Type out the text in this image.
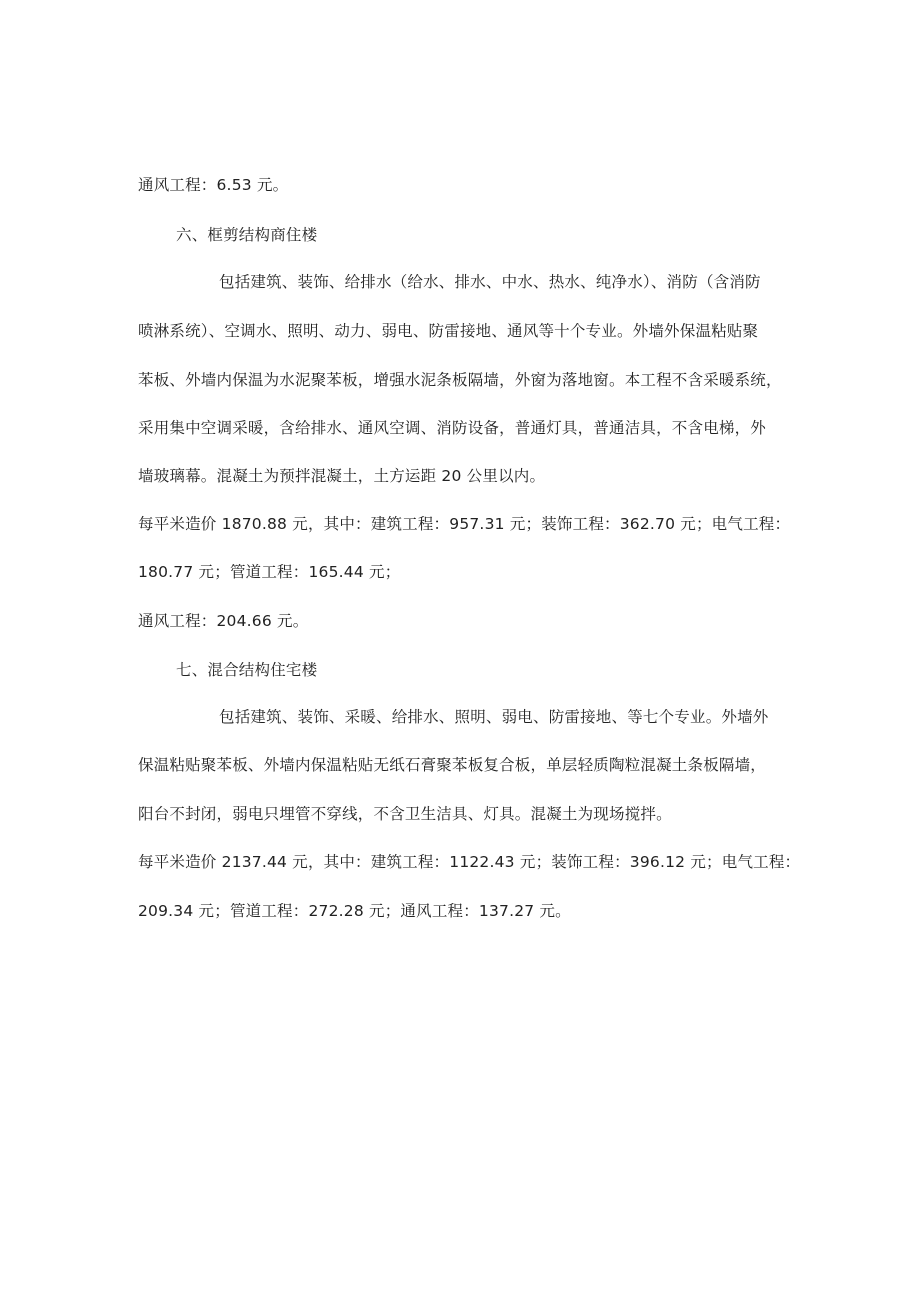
通风工程：6.53 元。
六、框剪结构商住楼
包括建筑、装饰、给排水（给水、排水、中水、热水、纯净水）、消防（含消防
喷淋系统）、空调水、照明、动力、弱电、防雷接地、通风等十个专业。外墙外保温粘贴聚
苯板、外墙内保温为水泥聚苯板，增强水泥条板隔墙，外窗为落地窗。本工程不含采暖系统，
采用集中空调采暖，含给排水、通风空调、消防设备，普通灯具，普通洁具，不含电梯，外
墙玻璃幕。混凝土为预拌混凝土，土方运距 20 公里以内。
每平米造价 1870.88 元，其中：建筑工程：957.31 元；装饰工程：362.70 元；电气工程：
180.77 元；管道工程：165.44 元；
通风工程：204.66 元。
七、混合结构住宅楼
包括建筑、装饰、采暖、给排水、照明、弱电、防雷接地、等七个专业。外墙外
保温粘贴聚苯板、外墙内保温粘贴无纸石膏聚苯板复合板，单层轻质陶粒混凝土条板隔墙，
阳台不封闭，弱电只埋管不穿线，不含卫生洁具、灯具。混凝土为现场搅拌。
每平米造价 2137.44 元，其中：建筑工程：1122.43 元；装饰工程：396.12 元；电气工程：
209.34 元；管道工程：272.28 元；通风工程：137.27 元。
